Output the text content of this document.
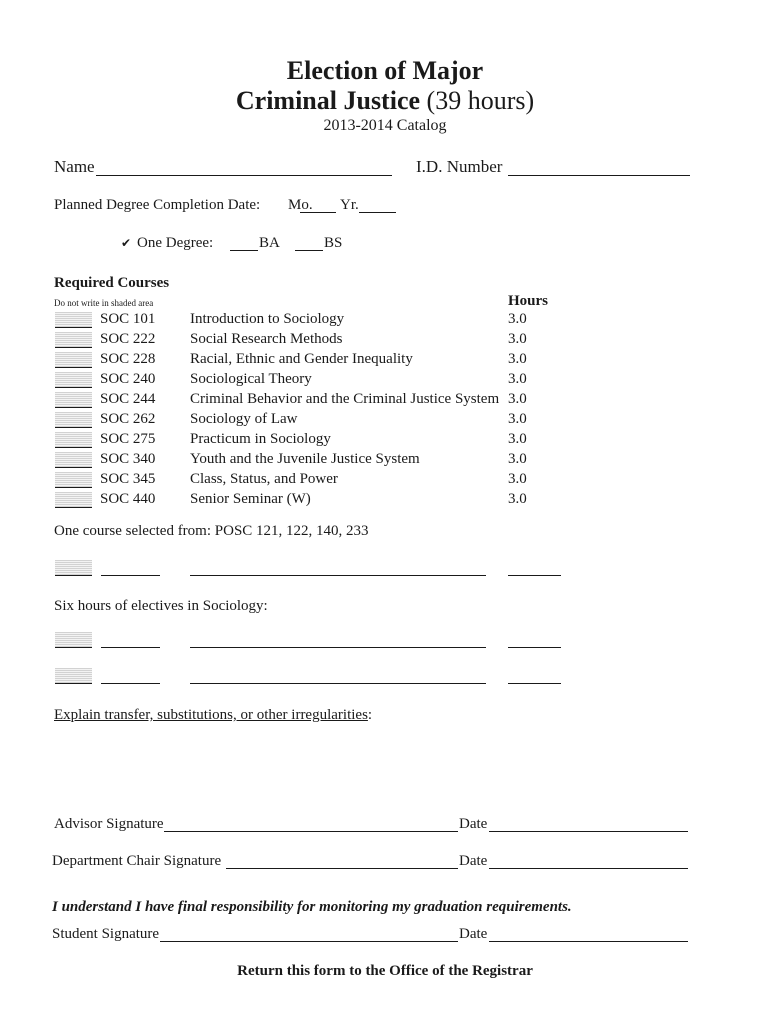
Election of Major
Criminal Justice (39 hours)
2013-2014 Catalog
Name	I.D. Number
Planned Degree Completion Date: Mo. Yr.
✔ One Degree:	BA	BS
Required Courses
Do not write in shaded area	Hours
SOC 101 Introduction to Sociology	3.0
SOC 222 Social Research Methods	3.0
SOC 228 Racial, Ethnic and Gender Inequality	3.0
SOC 240 Sociological Theory	3.0
SOC 244 Criminal Behavior and the Criminal Justice System 3.0
SOC 262 Sociology of Law	3.0
SOC 275 Practicum in Sociology	3.0
SOC 340 Youth and the Juvenile Justice System	3.0
SOC 345 Class, Status, and Power	3.0
SOC 440 Senior Seminar (W)	3.0
One course selected from: POSC 121, 122, 140, 233
Six hours of electives in Sociology:
Explain transfer, substitutions, or other irregularities:
Advisor Signature	Date
Department Chair Signature	Date
I understand I have final responsibility for monitoring my graduation requirements.
Student Signature	Date
Return this form to the Office of the Registrar
